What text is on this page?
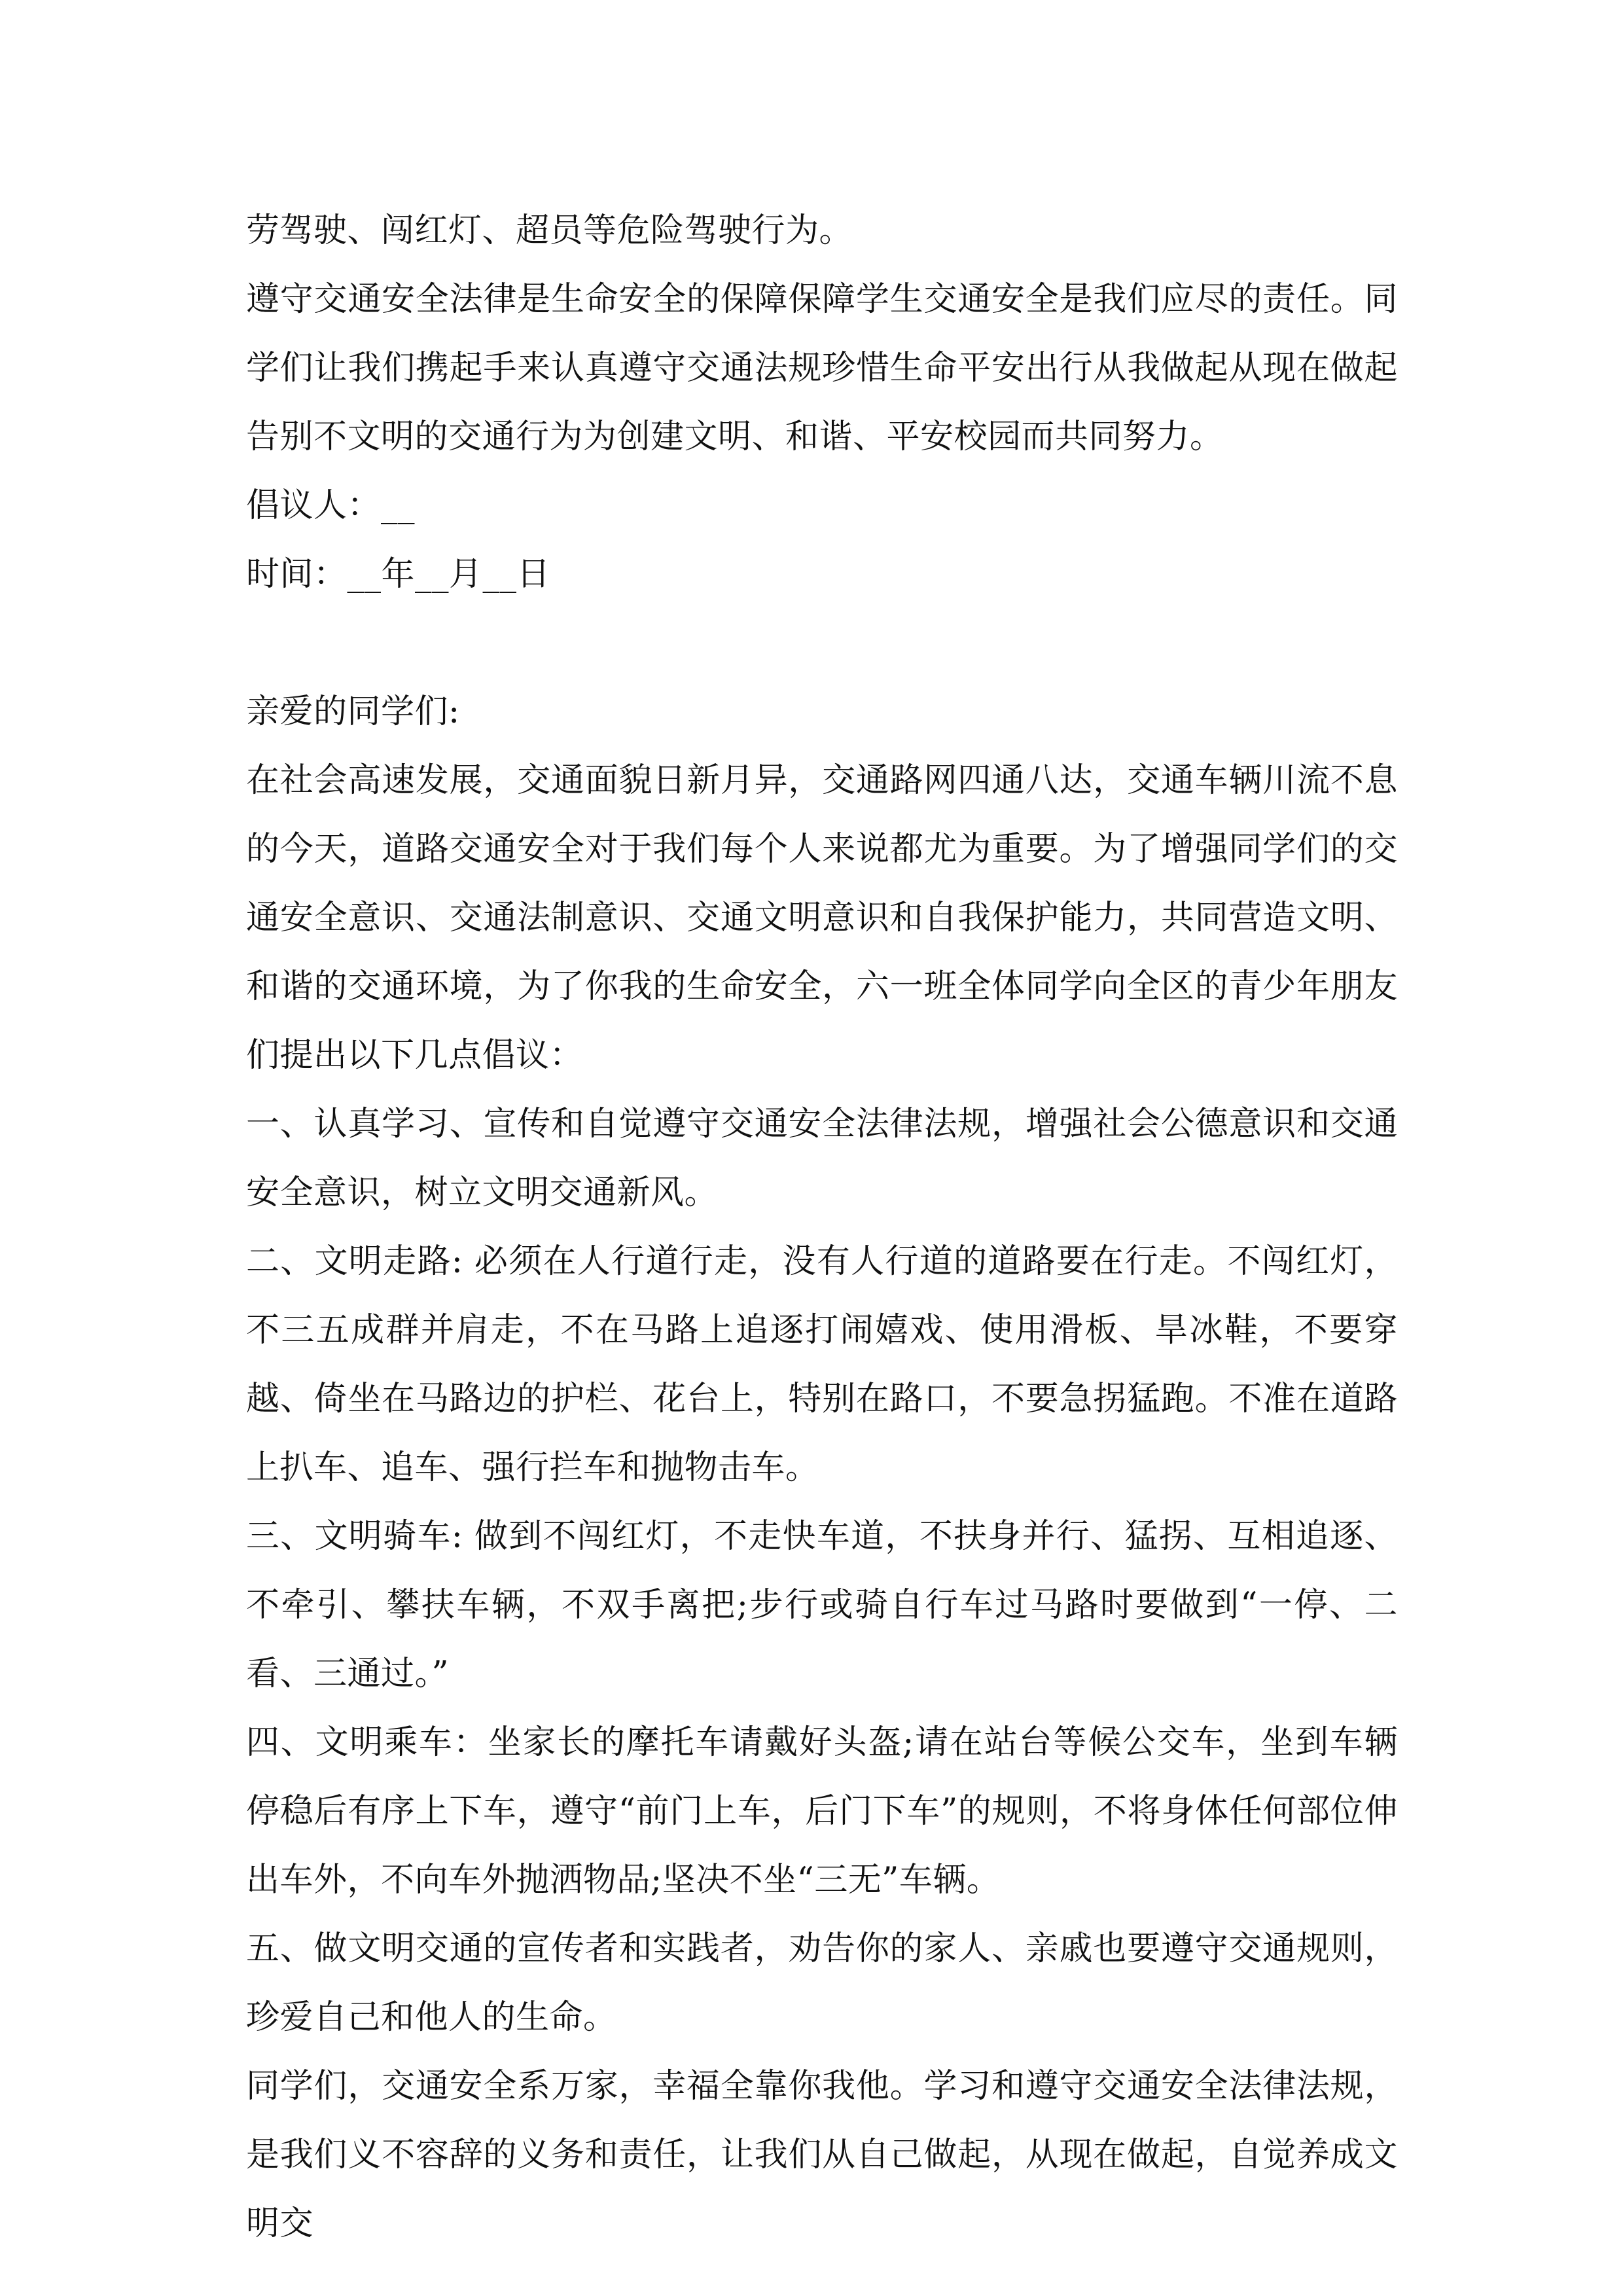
劳驾驶、闯红灯、超员等危险驾驶行为。

遵守交通安全法律是生命安全的保障保障学生交通安全是我们应尽的责任。同学们让我们携起手来认真遵守交通法规珍惜生命平安出行从我做起从现在做起告别不文明的交通行为为创建文明、和谐、平安校园而共同努力。

倡议人：__

时间：__年__月__日

亲爱的同学们:

在社会高速发展，交通面貌日新月异，交通路网四通八达，交通车辆川流不息的今天，道路交通安全对于我们每个人来说都尤为重要。为了增强同学们的交通安全意识、交通法制意识、交通文明意识和自我保护能力，共同营造文明、和谐的交通环境，为了你我的生命安全，六一班全体同学向全区的青少年朋友们提出以下几点倡议：

一、认真学习、宣传和自觉遵守交通安全法律法规，增强社会公德意识和交通安全意识，树立文明交通新风。

二、文明走路: 必须在人行道行走，没有人行道的道路要在行走。不闯红灯，不三五成群并肩走，不在马路上追逐打闹嬉戏、使用滑板、旱冰鞋，不要穿越、倚坐在马路边的护栏、花台上，特别在路口，不要急拐猛跑。不准在道路上扒车、追车、强行拦车和抛物击车。

三、文明骑车: 做到不闯红灯，不走快车道，不扶身并行、猛拐、互相追逐、不牵引、攀扶车辆，不双手离把;步行或骑自行车过马路时要做到“一停、二看、三通过。”

四、文明乘车：坐家长的摩托车请戴好头盔;请在站台等候公交车，坐到车辆停稳后有序上下车，遵守“前门上车，后门下车”的规则，不将身体任何部位伸出车外，不向车外抛洒物品;坚决不坐“三无”车辆。

五、做文明交通的宣传者和实践者，劝告你的家人、亲戚也要遵守交通规则，珍爱自己和他人的生命。

同学们，交通安全系万家，幸福全靠你我他。学习和遵守交通安全法律法规，是我们义不容辞的义务和责任，让我们从自己做起，从现在做起，自觉养成文明交
